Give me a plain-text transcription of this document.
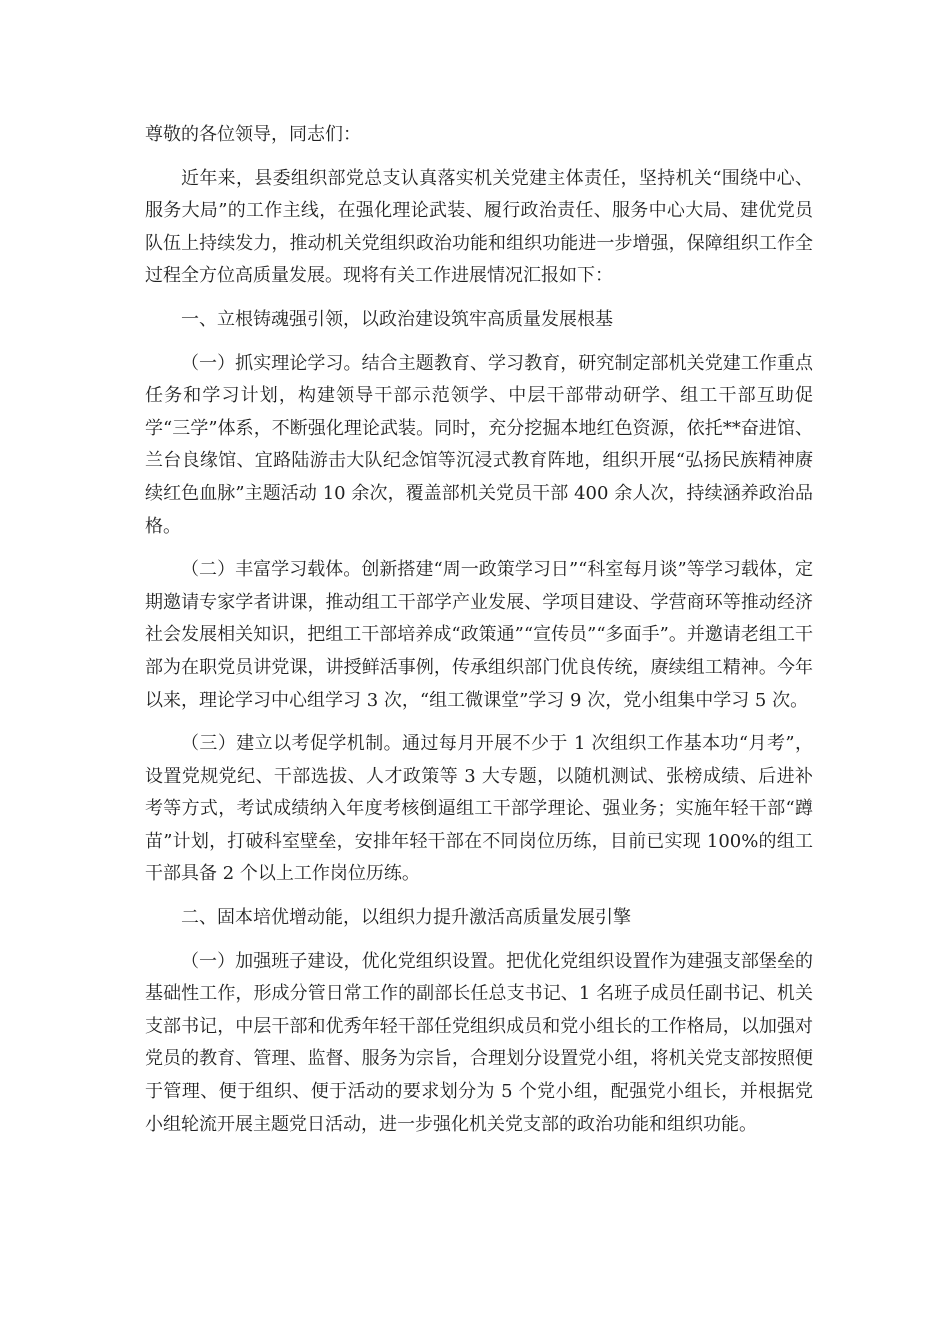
尊敬的各位领导，同志们：

近年来，县委组织部党总支认真落实机关党建主体责任，坚持机关“围绕中心、服务大局”的工作主线，在强化理论武装、履行政治责任、服务中心大局、建优党员队伍上持续发力，推动机关党组织政治功能和组织功能进一步增强，保障组织工作全过程全方位高质量发展。现将有关工作进展情况汇报如下：

一、立根铸魂强引领，以政治建设筑牢高质量发展根基

（一）抓实理论学习。结合主题教育、学习教育，研究制定部机关党建工作重点任务和学习计划，构建领导干部示范领学、中层干部带动研学、组工干部互助促学“三学”体系，不断强化理论武装。同时，充分挖掘本地红色资源，依托**奋进馆、兰台良缘馆、宜路陆游击大队纪念馆等沉浸式教育阵地，组织开展“弘扬民族精神赓续红色血脉”主题活动 10 余次，覆盖部机关党员干部 400 余人次，持续涵养政治品格。

（二）丰富学习载体。创新搭建“周一政策学习日”“科室每月谈”等学习载体，定期邀请专家学者讲课，推动组工干部学产业发展、学项目建设、学营商环等推动经济社会发展相关知识，把组工干部培养成“政策通”“宣传员”“多面手”。并邀请老组工干部为在职党员讲党课，讲授鲜活事例，传承组织部门优良传统，赓续组工精神。今年以来，理论学习中心组学习 3 次，“组工微课堂”学习 9 次，党小组集中学习 5 次。

（三）建立以考促学机制。通过每月开展不少于 1 次组织工作基本功“月考”，设置党规党纪、干部选拔、人才政策等 3 大专题，以随机测试、张榜成绩、后进补考等方式，考试成绩纳入年度考核倒逼组工干部学理论、强业务；实施年轻干部“蹲苗”计划，打破科室壁垒，安排年轻干部在不同岗位历练，目前已实现 100%的组工干部具备 2 个以上工作岗位历练。

二、固本培优增动能，以组织力提升激活高质量发展引擎

（一）加强班子建设，优化党组织设置。把优化党组织设置作为建强支部堡垒的基础性工作，形成分管日常工作的副部长任总支书记、1 名班子成员任副书记、机关支部书记，中层干部和优秀年轻干部任党组织成员和党小组长的工作格局，以加强对党员的教育、管理、监督、服务为宗旨，合理划分设置党小组，将机关党支部按照便于管理、便于组织、便于活动的要求划分为 5 个党小组，配强党小组长，并根据党小组轮流开展主题党日活动，进一步强化机关党支部的政治功能和组织功能。
